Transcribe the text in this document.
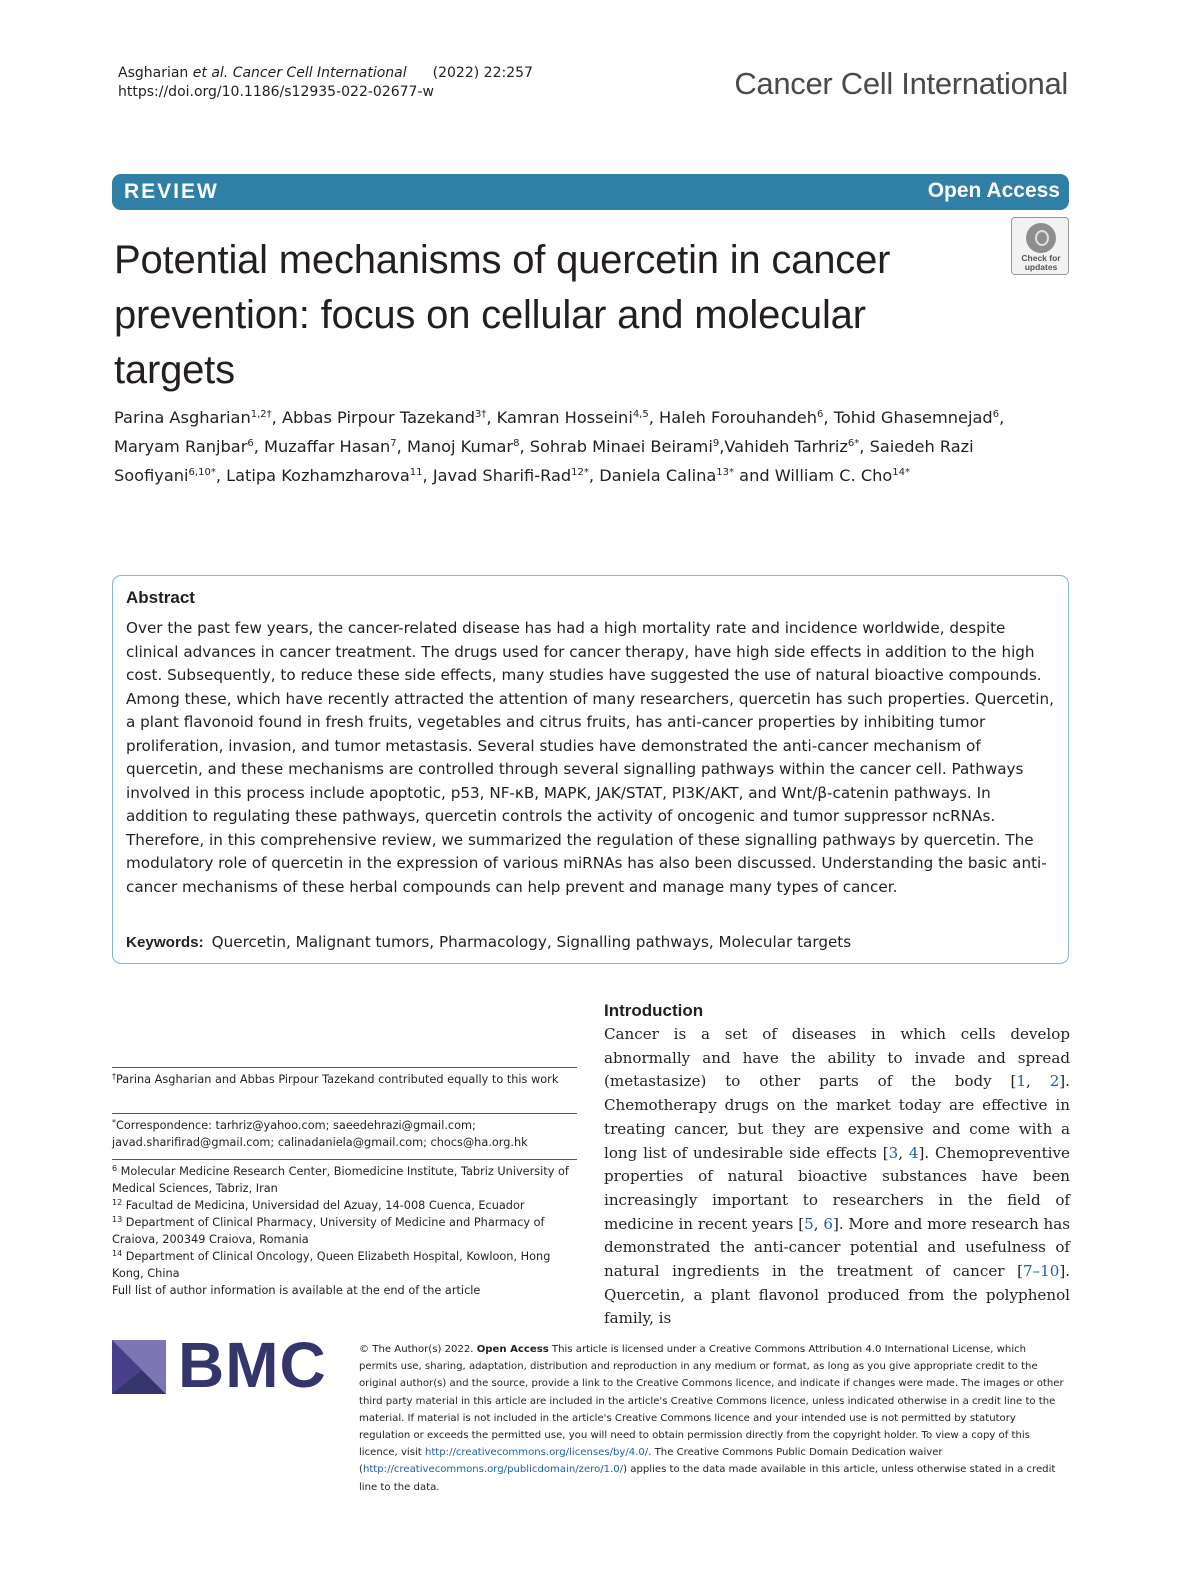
Asgharian et al. Cancer Cell International (2022) 22:257
https://doi.org/10.1186/s12935-022-02677-w	Cancer Cell International
REVIEW	Open Access
Potential mechanisms of quercetin in cancer prevention: focus on cellular and molecular targets
Check for
updates
Parina Asgharian$^{1,2\dagger}$, Abbas Pirpour Tazekand$^{3\dagger}$, Kamran Hosseini$^{4,5}$, Haleh Forouhandeh$^6$, Tohid Ghasemnejad$^6$, Maryam Ranjbar$^6$, Muzaffar Hasan$^7$, Manoj Kumar$^8$, Sohrab Minaei Beirami$^9$,Vahideh Tarhriz$^{6*}$, Saiedeh Razi Soofiyani$^{6,10*}$, Latipa Kozhamzharova$^{11}$, Javad Sharifi-Rad$^{12*}$, Daniela Calina$^{13*}$ and William C. Cho$^{14*}$
Abstract
Over the past few years, the cancer-related disease has had a high mortality rate and incidence worldwide, despite clinical advances in cancer treatment. The drugs used for cancer therapy, have high side effects in addition to the high cost. Subsequently, to reduce these side effects, many studies have suggested the use of natural bioactive compounds. Among these, which have recently attracted the attention of many researchers, quercetin has such properties. Quercetin, a plant flavonoid found in fresh fruits, vegetables and citrus fruits, has anti-cancer properties by inhibiting tumor proliferation, invasion, and tumor metastasis. Several studies have demonstrated the anti-cancer mechanism of quercetin, and these mechanisms are controlled through several signalling pathways within the cancer cell. Pathways involved in this process include apoptotic, p53, NF-κB, MAPK, JAK/STAT, PI3K/AKT, and Wnt/β-catenin pathways. In addition to regulating these pathways, quercetin controls the activity of oncogenic and tumor suppressor ncRNAs. Therefore, in this comprehensive review, we summarized the regulation of these signalling pathways by quercetin. The modulatory role of quercetin in the expression of various miRNAs has also been discussed. Understanding the basic anti-cancer mechanisms of these herbal compounds can help prevent and manage many types of cancer.
Keywords: Quercetin, Malignant tumors, Pharmacology, Signalling pathways, Molecular targets
Introduction
Cancer is a set of diseases in which cells develop abnormally and have the ability to invade and spread (metastasize) to other parts of the body [1, 2]. Chemotherapy drugs on the market today are effective in treating cancer, but they are expensive and come with a long list of undesirable side effects [3, 4]. Chemopreventive properties of natural bioactive substances have been increasingly important to researchers in the field of medicine in recent years [5, 6]. More and more research has demonstrated the anti-cancer potential and usefulness of natural ingredients in the treatment of cancer [7–10]. Quercetin, a plant flavonol produced from the polyphenol family, is
†Parina Asgharian and Abbas Pirpour Tazekand contributed equally to this work
*Correspondence: tarhriz@yahoo.com; saeedehrazi@gmail.com; javad.sharifirad@gmail.com; calinadaniela@gmail.com; chocs@ha.org.hk
$^6$ Molecular Medicine Research Center, Biomedicine Institute, Tabriz University of Medical Sciences, Tabriz, Iran
$^{12}$ Facultad de Medicina, Universidad del Azuay, 14-008 Cuenca, Ecuador
$^{13}$ Department of Clinical Pharmacy, University of Medicine and Pharmacy of Craiova, 200349 Craiova, Romania
$^{14}$ Department of Clinical Oncology, Queen Elizabeth Hospital, Kowloon, Hong Kong, China
Full list of author information is available at the end of the article
BMC	© The Author(s) 2022. Open Access This article is licensed under a Creative Commons Attribution 4.0 International License, which permits use, sharing, adaptation, distribution and reproduction in any medium or format, as long as you give appropriate credit to the original author(s) and the source, provide a link to the Creative Commons licence, and indicate if changes were made. The images or other third party material in this article are included in the article's Creative Commons licence, unless indicated otherwise in a credit line to the material. If material is not included in the article's Creative Commons licence and your intended use is not permitted by statutory regulation or exceeds the permitted use, you will need to obtain permission directly from the copyright holder. To view a copy of this licence, visit http://creativecommons.org/licenses/by/4.0/. The Creative Commons Public Domain Dedication waiver (http://creativecommons.org/publicdomain/zero/1.0/) applies to the data made available in this article, unless otherwise stated in a credit line to the data.
